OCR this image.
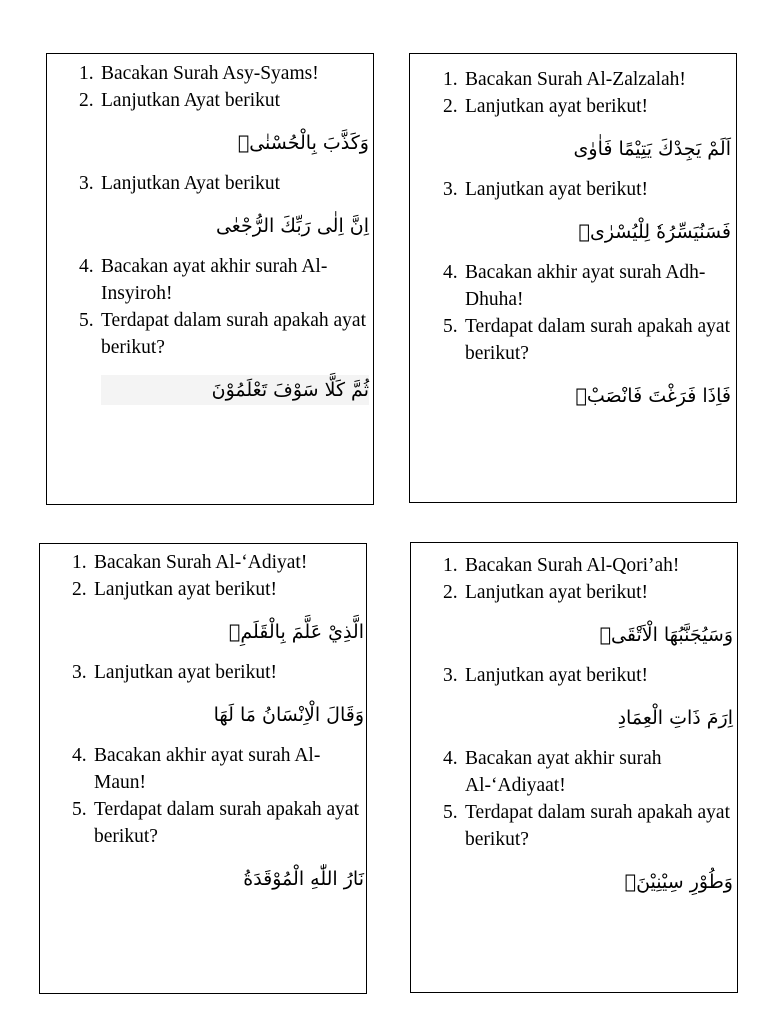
1. Bacakan Surah Asy-Syams!
2. Lanjutkan Ayat berikut
وَكَذَّبَ بِالْحُسْنٰىۙ
3. Lanjutkan Ayat berikut
اِنَّ اِلٰى رَبِّكَ الرُّجْعٰى
4. Bacakan ayat akhir surah Al-Insyiroh!
5. Terdapat dalam surah apakah ayat berikut?
ثُمَّ كَلَّا سَوْفَ تَعْلَمُوْنَ
1. Bacakan Surah Al-Zalzalah!
2. Lanjutkan ayat berikut!
اَلَمْ يَجِدْكَ يَتِيْمًا فَاٰوٰى
3. Lanjutkan ayat berikut!
فَسَنُيَسِّرُهٗ لِلْيُسْرٰىۗ
4. Bacakan akhir ayat surah Adh-Dhuha!
5. Terdapat dalam surah apakah ayat berikut?
فَاِذَا فَرَغْتَ فَانْصَبْۙ
1. Bacakan Surah Al-‘Adiyat!
2. Lanjutkan ayat berikut!
الَّذِيْ عَلَّمَ بِالْقَلَمِۙ
3. Lanjutkan ayat berikut!
وَقَالَ الْاِنْسَانُ مَا لَهَا
4. Bacakan akhir ayat surah Al-Maun!
5. Terdapat dalam surah apakah ayat berikut?
نَارُ اللّٰهِ الْمُوْقَدَةُ
1. Bacakan Surah Al-Qori’ah!
2. Lanjutkan ayat berikut!
وَسَيُجَنَّبُهَا الْاَتْقَىۙ
3. Lanjutkan ayat berikut!
اِرَمَ ذَاتِ الْعِمَادِ
4. Bacakan ayat akhir surah Al-‘Adiyaat!
5. Terdapat dalam surah apakah ayat berikut?
وَطُوْرِ سِيْنِيْنَۙ
